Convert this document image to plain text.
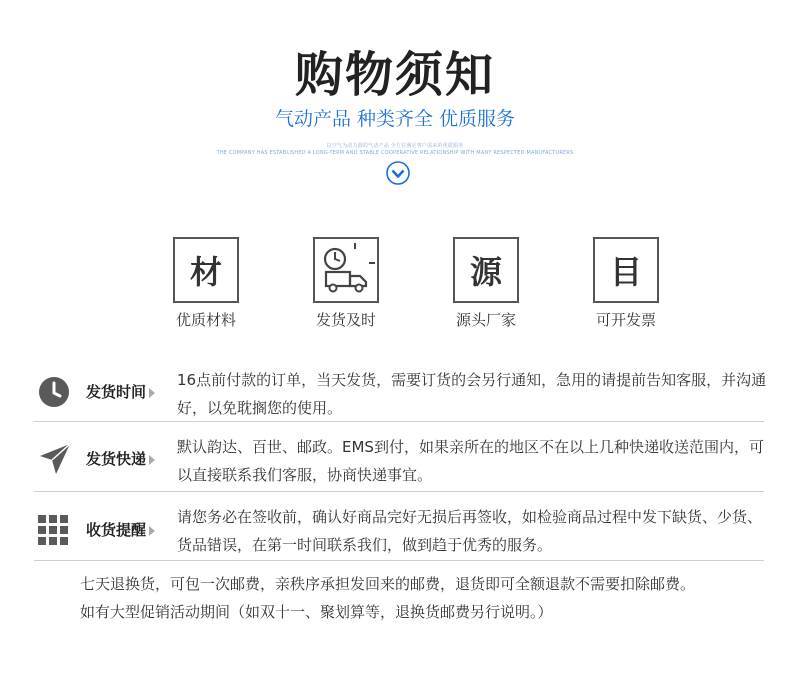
购物须知
气动产品 种类齐全 优质服务
以空气为动力源的气动产品 全方位满足客户需求的优质服务
THE COMPANY HAS ESTABLISHED A LONG-TERM AND STABLE COOPERATIVE RELATIONSHIP WITH MANY RESPECTED MANUFACTURERS
材
优质材料	发货及时
源
源头厂家
目
可开发票
发货时间
16点前付款的订单，当天发货，需要订货的会另行通知，急用的请提前告知客服，并沟通好，以免耽搁您的使用。
发货快递
默认韵达、百世、邮政。EMS到付，如果亲所在的地区不在以上几种快递收送范围内，可以直接联系我们客服，协商快递事宜。
收货提醒
请您务必在签收前，确认好商品完好无损后再签收，如检验商品过程中发下缺货、少货、货品错误，在第一时间联系我们，做到趋于优秀的服务。
七天退换货，可包一次邮费，亲秩序承担发回来的邮费，退货即可全额退款不需要扣除邮费。
如有大型促销活动期间（如双十一、聚划算等，退换货邮费另行说明。）
